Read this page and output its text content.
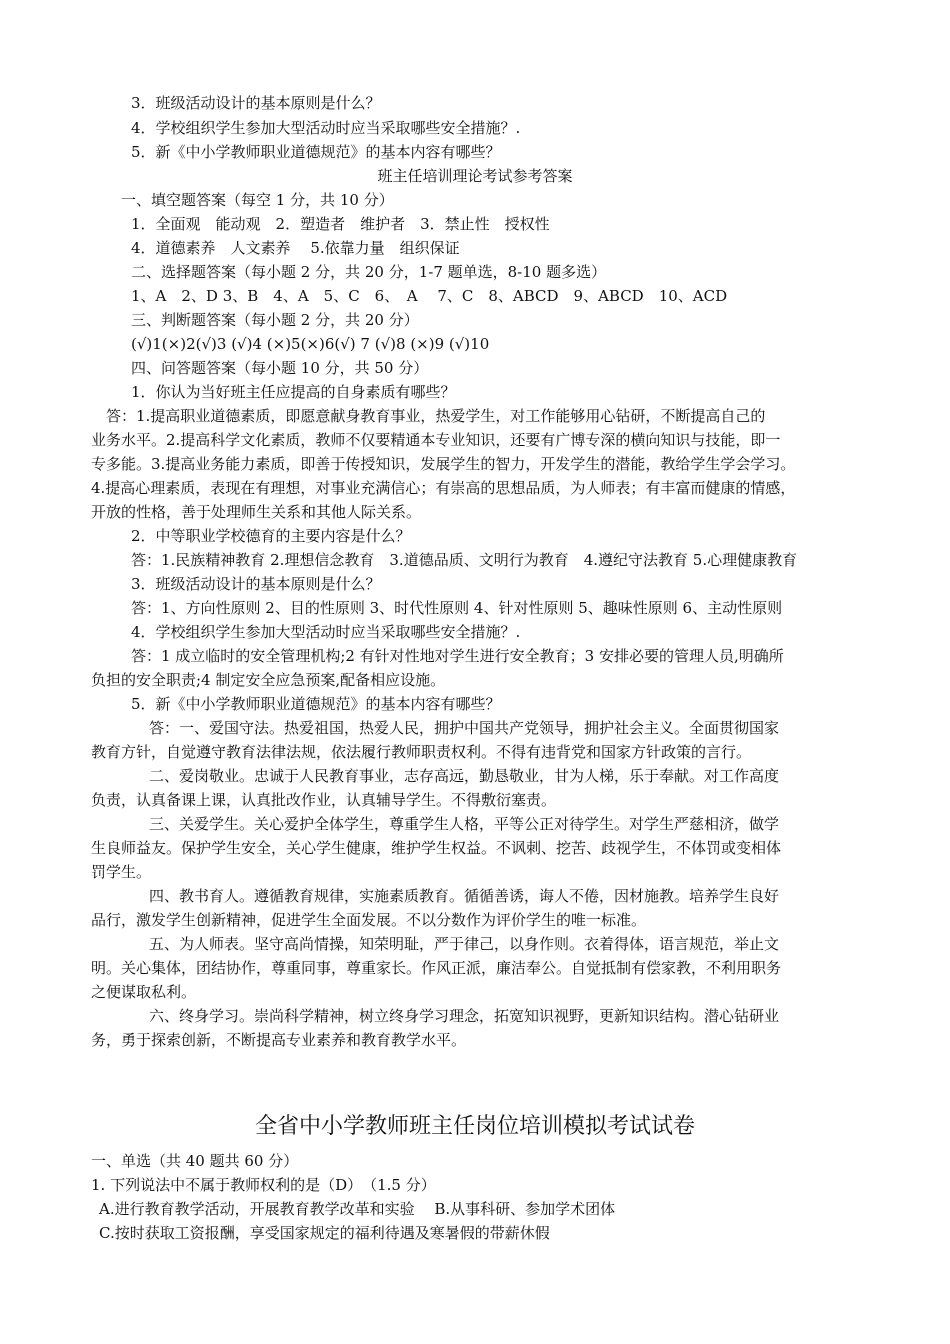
3．班级活动设计的基本原则是什么？
4．学校组织学生参加大型活动时应当采取哪些安全措施？.
5．新《中小学教师职业道德规范》的基本内容有哪些？
班主任培训理论考试参考答案
一、填空题答案（每空 1 分，共 10 分）
1．全面观　能动观　2．塑造者　维护者　3．禁止性　授权性
4．道德素养　人文素养　 5.依靠力量　组织保证
二、选择题答案（每小题 2 分，共 20 分，1-7 题单选，8-10 题多选）
1、A　2、D 3、B　4、A　5、C　6、　A　 7、C　8、ABCD　9、ABCD　10、ACD
三、判断题答案（每小题 2 分，共 20 分）
(√)1(×)2(√)3 (√)4 (×)5(×)6(√) 7 (√)8 (×)9 (√)10
四、问答题答案（每小题 10 分，共 50 分）
1．你认为当好班主任应提高的自身素质有哪些？
　答：1.提高职业道德素质，即愿意献身教育事业，热爱学生，对工作能够用心钻研，不断提高自己的
业务水平。2.提高科学文化素质，教师不仅要精通本专业知识，还要有广博专深的横向知识与技能，即一
专多能。3.提高业务能力素质，即善于传授知识，发展学生的智力，开发学生的潜能，教给学生学会学习。
4.提高心理素质，表现在有理想，对事业充满信心；有崇高的思想品质，为人师表；有丰富而健康的情感，
开放的性格，善于处理师生关系和其他人际关系。
2．中等职业学校德育的主要内容是什么？
答：1.民族精神教育 2.理想信念教育　3.道德品质、文明行为教育　4.遵纪守法教育 5.心理健康教育
3．班级活动设计的基本原则是什么？
答：1、方向性原则 2、目的性原则 3、时代性原则 4、针对性原则 5、趣味性原则 6、主动性原则
4．学校组织学生参加大型活动时应当采取哪些安全措施？.
答：1 成立临时的安全管理机构;2 有针对性地对学生进行安全教育；3 安排必要的管理人员,明确所
负担的安全职责;4 制定安全应急预案,配备相应设施。
5．新《中小学教师职业道德规范》的基本内容有哪些？
答：一、爱国守法。热爱祖国，热爱人民，拥护中国共产党领导，拥护社会主义。全面贯彻国家
教育方针，自觉遵守教育法律法规，依法履行教师职责权利。不得有违背党和国家方针政策的言行。
二、爱岗敬业。忠诚于人民教育事业，志存高远，勤恳敬业，甘为人梯，乐于奉献。对工作高度
负责，认真备课上课，认真批改作业，认真辅导学生。不得敷衍塞责。
三、关爱学生。关心爱护全体学生，尊重学生人格，平等公正对待学生。对学生严慈相济，做学
生良师益友。保护学生安全，关心学生健康，维护学生权益。不讽刺、挖苦、歧视学生，不体罚或变相体
罚学生。
四、教书育人。遵循教育规律，实施素质教育。循循善诱，诲人不倦，因材施教。培养学生良好
品行，激发学生创新精神，促进学生全面发展。不以分数作为评价学生的唯一标准。
五、为人师表。坚守高尚情操，知荣明耻，严于律己，以身作则。衣着得体，语言规范，举止文
明。关心集体，团结协作，尊重同事，尊重家长。作风正派，廉洁奉公。自觉抵制有偿家教，不利用职务
之便谋取私利。
六、终身学习。崇尚科学精神，树立终身学习理念，拓宽知识视野，更新知识结构。潜心钻研业
务，勇于探索创新，不断提高专业素养和教育教学水平。
全省中小学教师班主任岗位培训模拟考试试卷
一、单选（共 40 题共 60 分）
1. 下列说法中不属于教师权利的是（D）　（1.5 分）
A.进行教育教学活动，开展教育教学改革和实验　 B.从事科研、参加学术团体
C.按时获取工资报酬，享受国家规定的福利待遇及寒暑假的带薪休假
